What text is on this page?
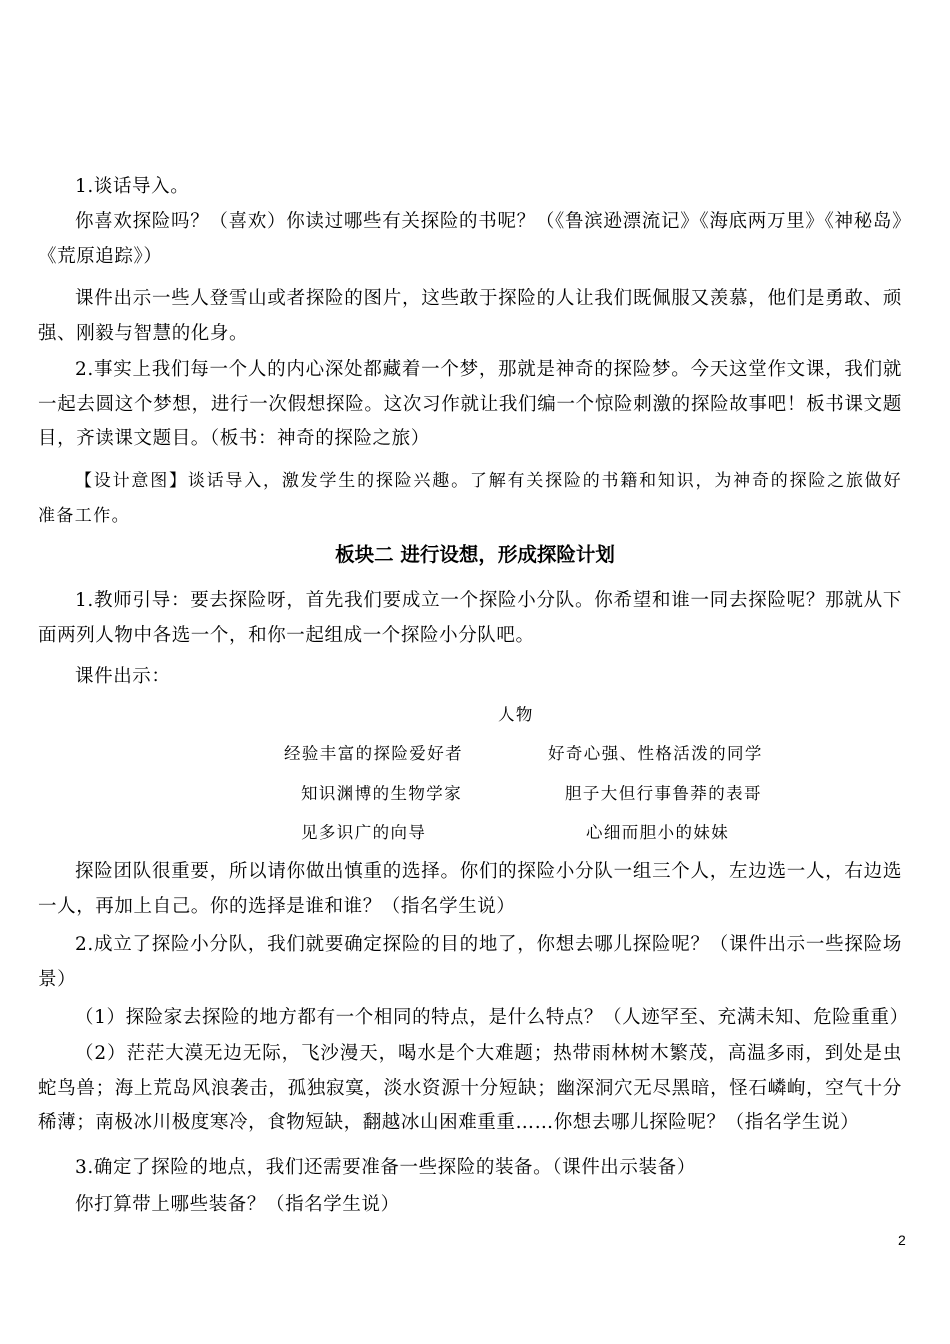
1.谈话导入。

你喜欢探险吗？（喜欢）你读过哪些有关探险的书呢？（《鲁滨逊漂流记》《海底两万里》《神秘岛》《荒原追踪》）

课件出示一些人登雪山或者探险的图片，这些敢于探险的人让我们既佩服又羡慕，他们是勇敢、顽强、刚毅与智慧的化身。

2.事实上我们每一个人的内心深处都藏着一个梦，那就是神奇的探险梦。今天这堂作文课，我们就一起去圆这个梦想，进行一次假想探险。这次习作就让我们编一个惊险刺激的探险故事吧！板书课文题目，齐读课文题目。（板书：神奇的探险之旅）

【设计意图】谈话导入，激发学生的探险兴趣。了解有关探险的书籍和知识，为神奇的探险之旅做好准备工作。

板块二 进行设想，形成探险计划

1.教师引导：要去探险呀，首先我们要成立一个探险小分队。你希望和谁一同去探险呢？那就从下面两列人物中各选一个，和你一起组成一个探险小分队吧。

课件出示：

人物
经验丰富的探险爱好者	好奇心强、性格活泼的同学
知识渊博的生物学家	胆子大但行事鲁莽的表哥
见多识广的向导	心细而胆小的妹妹

探险团队很重要，所以请你做出慎重的选择。你们的探险小分队一组三个人，左边选一人，右边选一人，再加上自己。你的选择是谁和谁？（指名学生说）

2.成立了探险小分队，我们就要确定探险的目的地了，你想去哪儿探险呢？（课件出示一些探险场景）

（1）探险家去探险的地方都有一个相同的特点，是什么特点？（人迹罕至、充满未知、危险重重）

（2）茫茫大漠无边无际，飞沙漫天，喝水是个大难题；热带雨林树木繁茂，高温多雨，到处是虫蛇鸟兽；海上荒岛风浪袭击，孤独寂寞，淡水资源十分短缺；幽深洞穴无尽黑暗，怪石嶙峋，空气十分稀薄；南极冰川极度寒冷，食物短缺，翻越冰山困难重重……你想去哪儿探险呢？（指名学生说）

3.确定了探险的地点，我们还需要准备一些探险的装备。（课件出示装备）

你打算带上哪些装备？（指名学生说）

2
